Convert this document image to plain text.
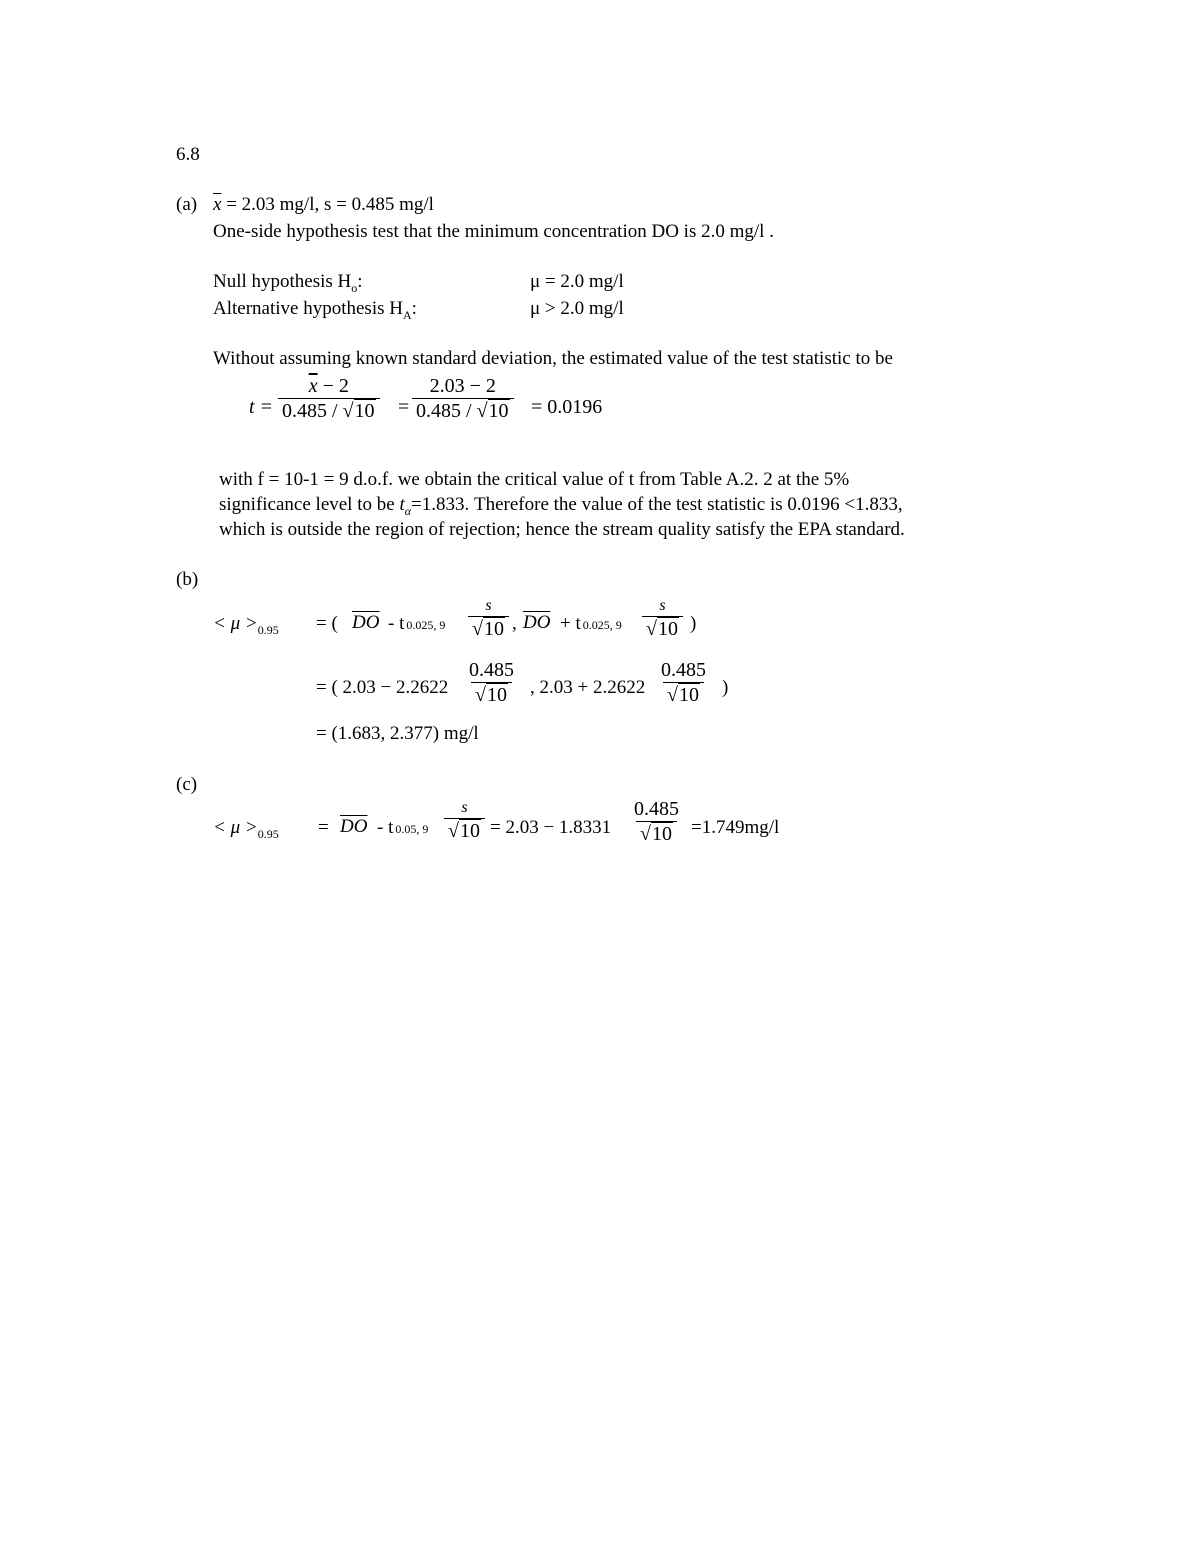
6.8
(a) $\overline{x} = 2.03$ mg/l, s = 0.485 mg/l
One-side hypothesis test that the minimum concentration DO is 2.0 mg/l .
Null hypothesis $H_o$:	μ = 2.0 mg/l
Alternative hypothesis $H_A$:	μ > 2.0 mg/l
Without assuming known standard deviation, the estimated value of the test statistic to be
$t = \frac{\overline{x} - 2}{0.485 / √10} = \frac{2.03 - 2}{0.485 / √10} = 0.0196$
with f = 10-1 = 9 d.o.f. we obtain the critical value of t from Table A.2. 2 at the 5%
significance level to be $t_\alpha=1.833$. Therefore the value of the test statistic is 0.0196 <1.833,
which is outside the region of rejection; hence the stream quality satisfy the EPA standard.
(b)
< $\mu >_{0.95}$ = ( $\overline{DO}$ - t 0.025, 9
s
√10 , $\overline{DO} + t$ 0.025, 9
s
√10 )
= ( $2.03 - 2.2622 \frac{0.485}{√10}$ , $2.03 + 2.2622 \frac{0.485}{√10}$ )
= (1.683, 2.377) mg/l
(c)
< $\mu >_{0.95} = \overline{DO} - t$ 0.05, 9
s
$√10 = 2.03 - 1.8331 \frac{0.485}{√10} =1.749mg/l$
